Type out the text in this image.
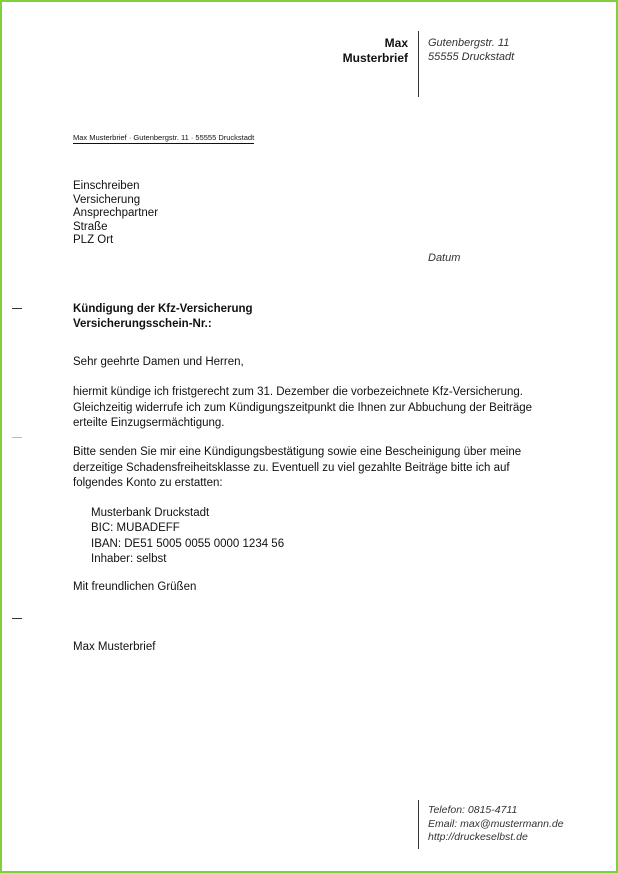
Max
Musterbrief
Gutenbergstr. 11
55555 Druckstadt
Max Musterbrief · Gutenbergstr. 11 · 55555 Druckstadt
Einschreiben
Versicherung
Ansprechpartner
Straße
PLZ Ort
Datum
Kündigung der Kfz-Versicherung
Versicherungsschein-Nr.:
Sehr geehrte Damen und Herren,
hiermit kündige ich fristgerecht zum 31. Dezember die vorbezeichnete Kfz-Versicherung.
Gleichzeitig widerrufe ich zum Kündigungszeitpunkt die Ihnen zur Abbuchung der Beiträge
erteilte Einzugsermächtigung.
Bitte senden Sie mir eine Kündigungsbestätigung sowie eine Bescheinigung über meine
derzeitige Schadensfreiheitsklasse zu. Eventuell zu viel gezahlte Beiträge bitte ich auf
folgendes Konto zu erstatten:
Musterbank Druckstadt
BIC: MUBADEFF
IBAN: DE51 5005 0055 0000 1234 56
Inhaber: selbst
Mit freundlichen Grüßen
Max Musterbrief
Telefon: 0815-4711
Email: max@mustermann.de
http://druckeselbst.de
